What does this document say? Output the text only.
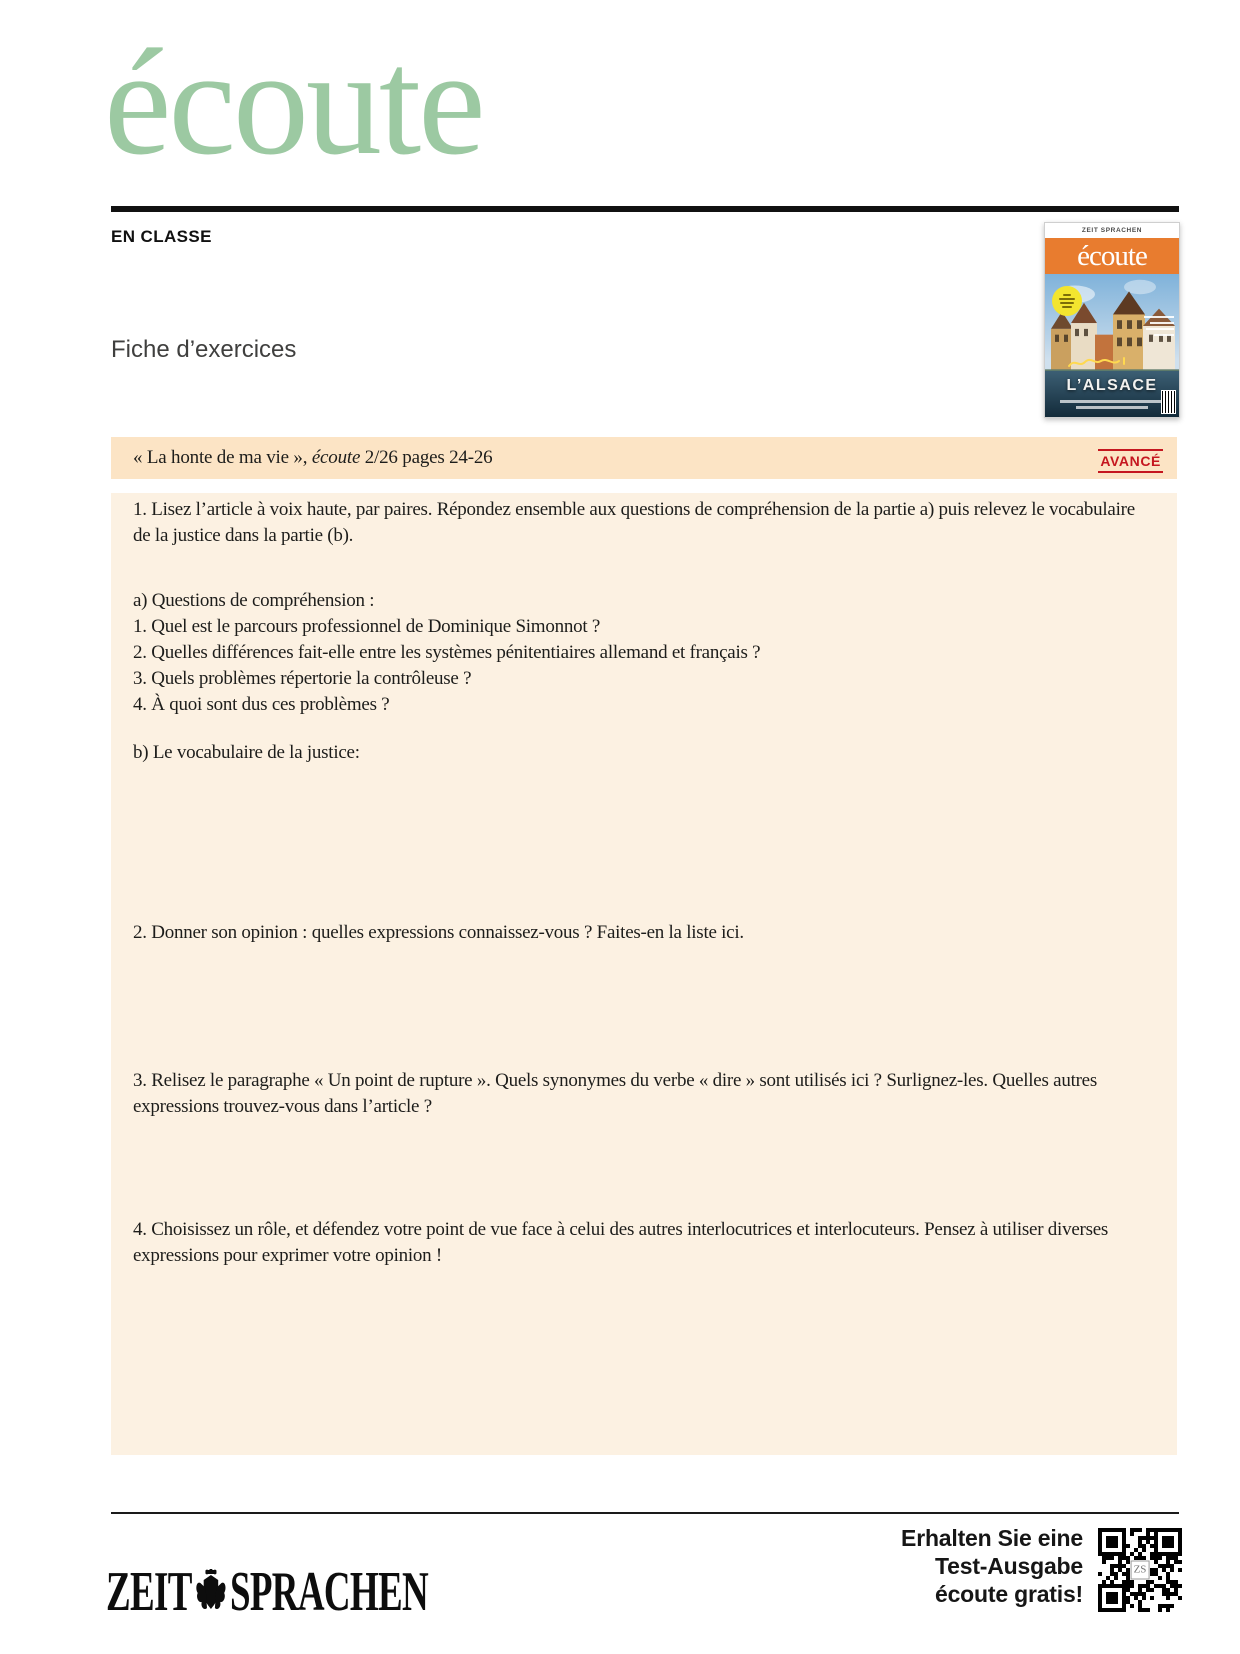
écoute
EN CLASSE	ZEIT SPRACHEN
écoute
L’ALSACE
Fiche d’exercices
« La honte de ma vie », écoute 2/26 pages 24-26	AVANCÉ

1. Lisez l’article à voix haute, par paires. Répondez ensemble aux questions de compréhension de la partie a) puis relevez le vocabulaire de la justice dans la partie (b).

a) Questions de compréhension :

1. Quel est le parcours professionnel de Dominique Simonnot ?

2. Quelles différences fait-elle entre les systèmes pénitentiaires allemand et français ?

3. Quels problèmes répertorie la contrôleuse ?

4. À quoi sont dus ces problèmes ?

b) Le vocabulaire de la justice:

2. Donner son opinion : quelles expressions connaissez-vous ? Faites-en la liste ici.

3. Relisez le paragraphe « Un point de rupture ». Quels synonymes du verbe « dire » sont utilisés ici ? Surlignez-les. Quelles autres expressions trouvez-vous dans l’article ?

4. Choisissez un rôle, et défendez votre point de vue face à celui des autres interlocutrices et interlocuteurs. Pensez à utiliser diverses expressions pour exprimer votre opinion !

ZEIT SPRACHEN
Erhalten Sie eine
Test-Ausgabe
écoute gratis!
ZS
